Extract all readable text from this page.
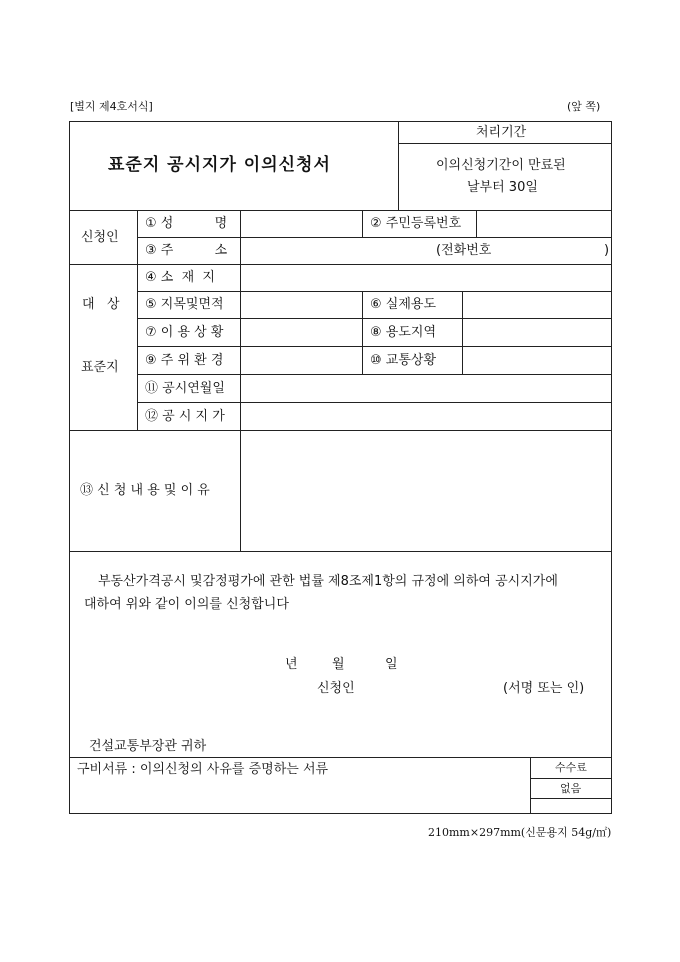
[별지 제4호서식]	(앞 쪽)
표준지 공시지가 이의신청서
처리기간
이의신청기간이 만료된
날부터 30일
신청인
① 성          명	② 주민등록번호
③ 주          소	(전화번호	)
대   상
표준지
④ 소  재  지
⑤ 지목및면적	⑥ 실제용도
⑦ 이 용 상 황	⑧ 용도지역
⑨ 주 위 환 경	⑩ 교통상황
⑪ 공시연월일
⑫ 공 시 지 가
⑬ 신 청 내 용 및 이 유
부동산가격공시 및감정평가에 관한 법률 제8조제1항의 규정에 의하여 공시지가에
대하여 위와 같이 이의를 신청합니다
년	월	일
신청인	(서명 또는 인)
건설교통부장관 귀하
구비서류 : 이의신청의 사유를 증명하는 서류	수수료
없음
210mm×297mm(신문용지 54g/㎡)
